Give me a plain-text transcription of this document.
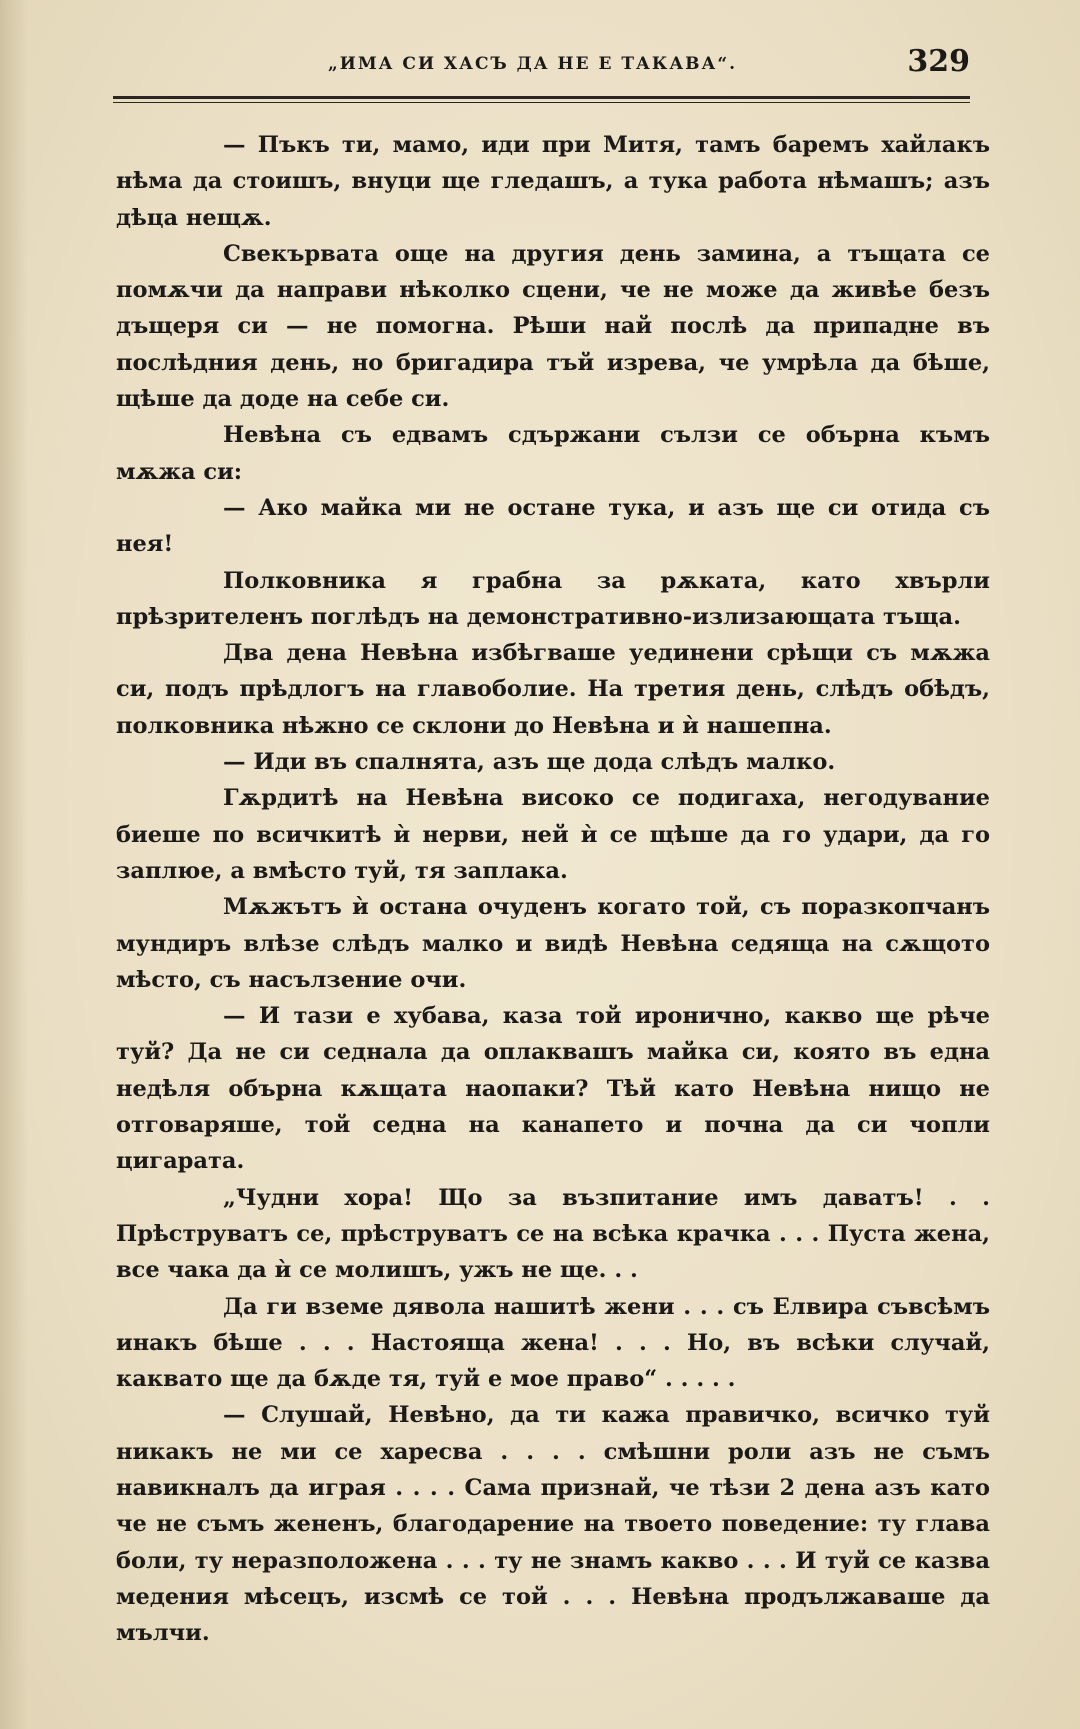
„ИМА СИ ХАСЪ ДА НЕ Е ТАКАВА“.	329

— Пъкъ ти, мамо, иди при Митя, тамъ баремъ хайлакъ нѣма да стоишъ, внуци ще гледашъ, а тука работа нѣмашъ; азъ дѣца нещѫ.

Свекървата още на другия день замина, а тъщата се помѫчи да направи нѣколко сцени, че не може да живѣе безъ дъщеря си — не помогна. Рѣши най послѣ да припадне въ послѣдния день, но бригадира тъй изрева, че умрѣла да бѣше, щѣше да доде на себе си.

Невѣна съ едвамъ сдържани сълзи се обърна къмъ мѫжа си:

— Ако майка ми не остане тука, и азъ ще си отида съ нея!

Полковника я грабна за рѫката, като хвърли прѣзрителенъ поглѣдъ на демонстративно-излизающата тъща.

Два дена Невѣна избѣгваше уединени срѣщи съ мѫжа си, подъ прѣдлогъ на главоболие. На третия день, слѣдъ обѣдъ, полковника нѣжно се склони до Невѣна и ѝ нашепна.

— Иди въ спалнята, азъ ще дода слѣдъ малко.

Гѫрдитѣ на Невѣна високо се подигаха, негодувание биеше по всичкитѣ ѝ нерви, ней ѝ се щѣше да го удари, да го заплюе, а вмѣсто туй, тя заплака.

Мѫжътъ ѝ остана очуденъ когато той, съ поразкопчанъ мундиръ влѣзе слѣдъ малко и видѣ Невѣна седяща на сѫщото мѣсто, съ насълзение очи.

— И тази е хубава, каза той иронично, какво ще рѣче туй? Да не си седнала да оплаквашъ майка си, която въ една недѣля обърна кѫщата наопаки? Тѣй като Невѣна нищо не отговаряше, той седна на канапето и почна да си чопли цигарата.

„Чудни хора! Що за възпитание имъ даватъ! . . Прѣструватъ се, прѣструватъ се на всѣка крачка . . . Пуста жена, все чака да ѝ се молишъ, ужъ не ще. . .

Да ги вземе дявола нашитѣ жени . . . съ Елвира съвсѣмъ инакъ бѣше . . . Настояща жена! . . . Но, въ всѣки случай, каквато ще да бѫде тя, туй е мое право“ . . . . .

— Слушай, Невѣно, да ти кажа правичко, всичко туй никакъ не ми се харесва . . . . смѣшни роли азъ не съмъ навикналъ да играя . . . . Сама признай, че тѣзи 2 дена азъ като че не съмъ жененъ, благодарение на твоето поведение: ту глава боли, ту неразположена . . . ту не знамъ какво . . . И туй се казва медения мѣсецъ, изсмѣ се той . . . Невѣна продължаваше да мълчи.
